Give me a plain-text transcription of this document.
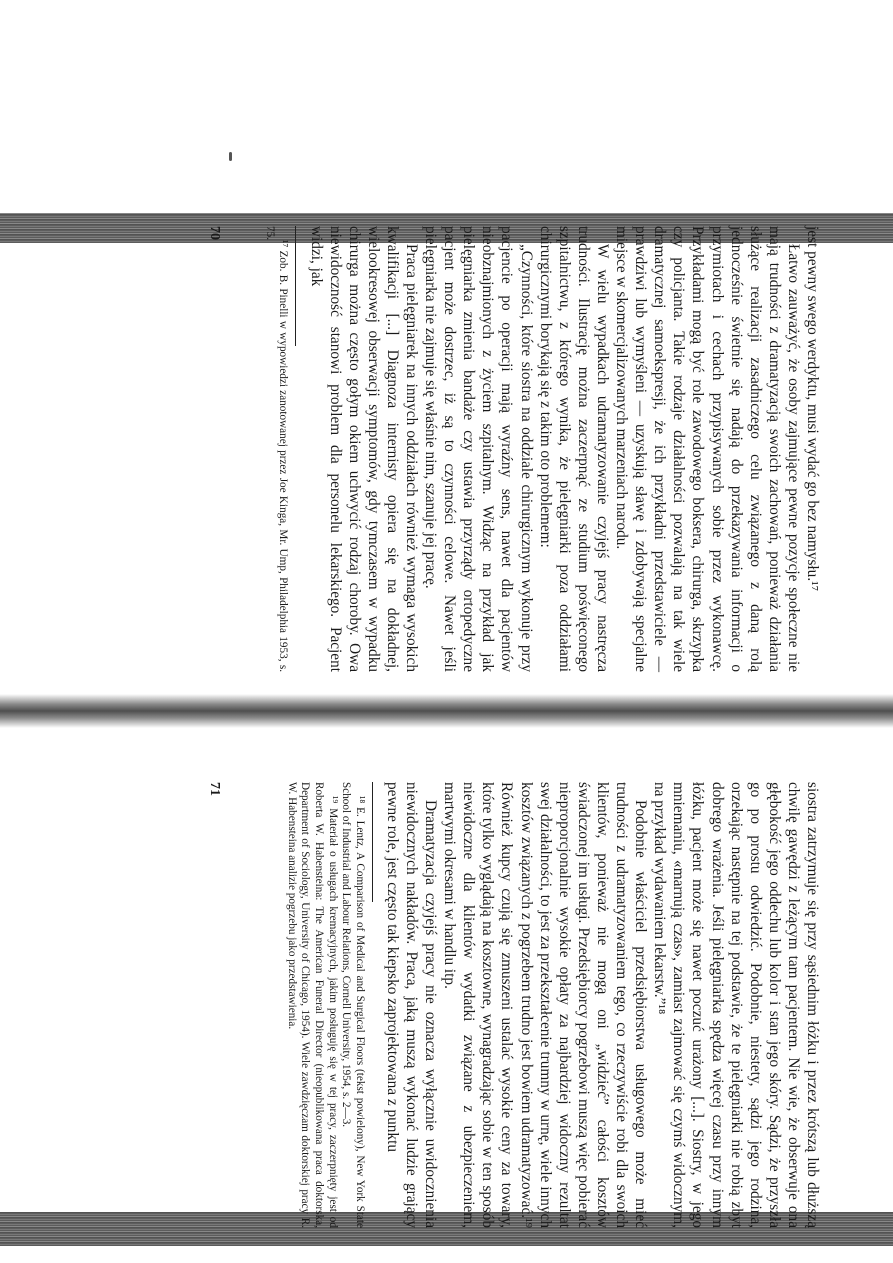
jest pewny swego werdyktu, musi wydać go bez namysłu.¹⁷

Łatwo zauważyć, że osoby zajmujące pewne pozycje społeczne nie mają trudności z dramatyzacją swoich zachowań, ponieważ działania służące realizacji zasadniczego celu związanego z daną rolą jednocześnie świetnie się nadają do przekazywania informacji o przymiotach i cechach przypisywanych sobie przez wykonawcę. Przykładami mogą być role zawodowego boksera, chirurga, skrzypka czy policjanta. Takie rodzaje działalności pozwalają na tak wiele dramatycznej samoekspresji, że ich przykładni przedstawiciele — prawdziwi lub wymyśleni — uzyskują sławę i zdobywają specjalne miejsce w skomercjalizowanych marzeniach narodu.

W wielu wypadkach udramatyzowanie czyjejś pracy nastręcza trudności. Ilustrację można zaczerpnąć ze studium poświęconego szpitalnictwu, z którego wynika, że pielęgniarki poza oddziałami chirurgicznymi borykają się z takim oto problemem:

„Czynności, które siostra na oddziale chirurgicznym wykonuje przy pacjencie po operacji mają wyraźny sens, nawet dla pacjentów nieobznajmionych z życiem szpitalnym. Widząc na przykład jak pielęgniarka zmienia bandaże czy ustawia przyrządy ortopedyczne pacjent może dostrzec, iż są to czynności celowe. Nawet jeśli pielęgniarka nie zajmuje się właśnie nim, szanuje jej pracę.

Praca pielęgniarek na innych oddziałach również wymaga wysokich kwalifikacji [...] Diagnoza internisty opiera się na dokładnej, wielookresowej obserwacji symptomów, gdy tymczasem w wypadku chirurga można często gołym okiem uchwycić rodzaj choroby. Owa niewidoczność stanowi problem dla personelu lekarskiego. Pacjent widzi, jak

¹⁷ Zob. B. Pinelli w wypowiedzi zanotowanej przez Joe Kinga, Mr. Ump, Philadelphia 1953, s. 75.

70

siostra zatrzymuje się przy sąsiednim łóżku i przez krótszą lub dłuższą chwilę gawędzi z leżącym tam pacjentem. Nie wie, że obserwuje ona głębokość jego oddechu lub kolor i stan jego skóry. Sądzi, że przyszła go po prostu odwiedzić. Podobnie, niestety, sądzi jego rodzina, orzekając następnie na tej podstawie, że te pielęgniarki nie robią zbyt dobrego wrażenia. Jeśli pielęgniarka spędza więcej czasu przy innym łóżku, pacjent może się nawet poczuć urażony [...]. Siostry, w jego mniemaniu, «marnują czas», zamiast zajmować się czymś widocznym, na przykład wydawaniem lekarstw.”¹⁸

Podobnie właściciel przedsiębiorstwa usługowego może mieć trudności z udramatyzowaniem tego, co rzeczywiście robi dla swoich klientów, ponieważ nie mogą oni „widzieć” całości kosztów świadczonej im usługi. Przedsiębiorcy pogrzebowi muszą więc pobierać nieproporcjonalnie wysokie opłaty za najbardziej widoczny rezultat swej działalności, to jest za przekształcenie trumny w urnę, wiele innych kosztów związanych z pogrzebem trudno jest bowiem udramatyzować.¹⁹ Również kupcy czują się zmuszeni ustalać wysokie ceny za towary, które tylko wyglądają na kosztowne, wynagradzając sobie w ten sposób niewidoczne dla klientów wydatki związane z ubezpieczeniem, martwymi okresami w handlu itp.

Dramatyzacja czyjejś pracy nie oznacza wyłącznie uwidocznienia niewidocznych nakładów. Praca, jaką muszą wykonać ludzie grający pewne role, jest często tak kiepsko zaprojektowana z punktu

¹⁸ E. Lentz, A Comparison of Medical and Surgical Floors (tekst powielony), New York State School of Industrial and Labour Relations, Cornell University, 1954, s. 2—3.

¹⁹ Materiał o usługach kremacyjnych, jakim posługuję się w tej pracy, zaczerpnięty jest od Roberta W. Habensteina: The American Funeral Director (nieopublikowana praca doktorska, Department of Sociology, University of Chicago, 1954). Wiele zawdzięczam doktorskiej pracy R. W. Habensteina analizie pogrzebu jako przedstawienia.

71
